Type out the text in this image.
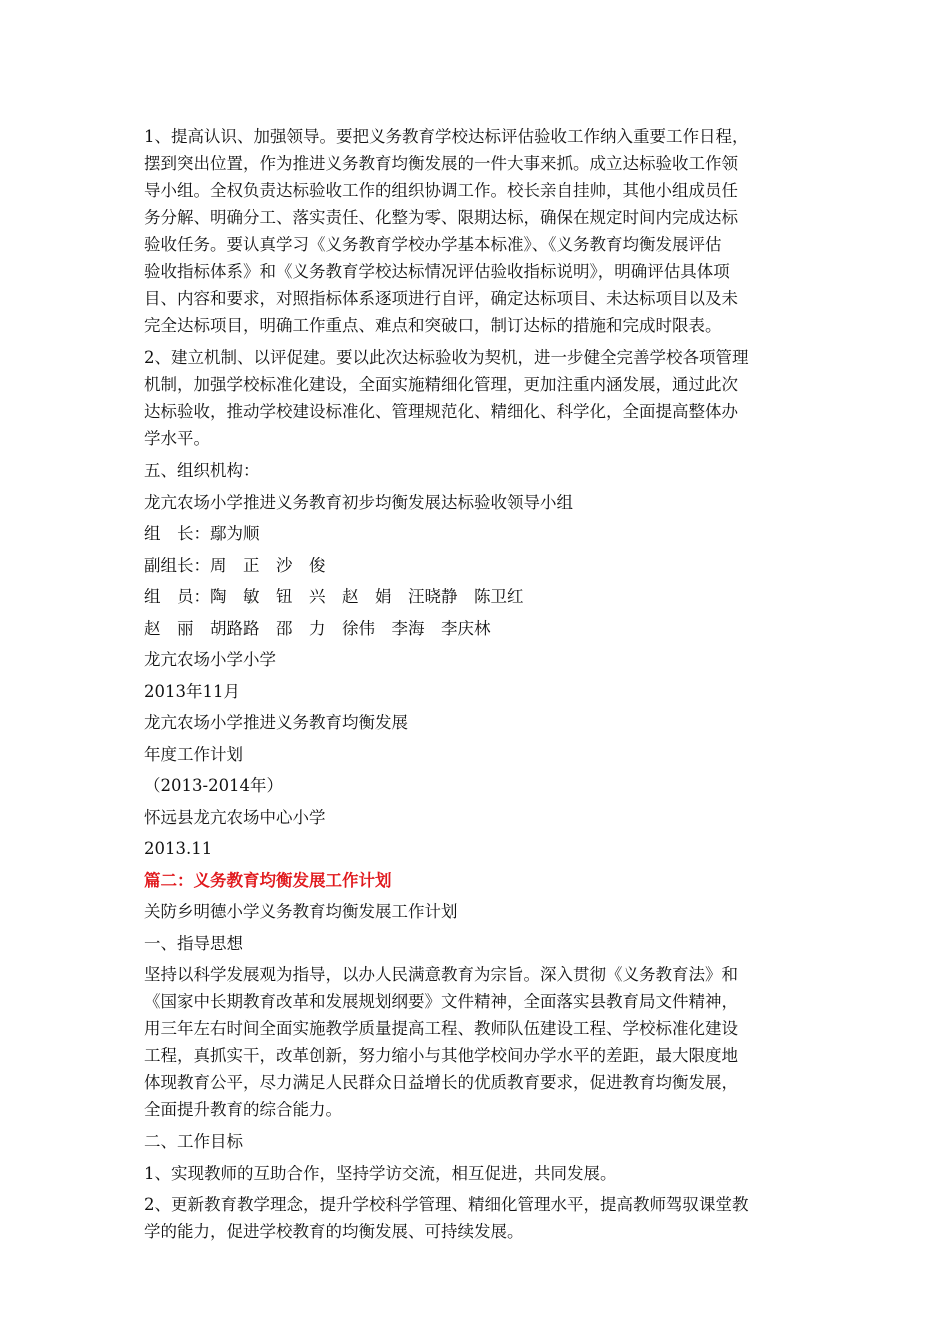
1、提高认识、加强领导。要把义务教育学校达标评估验收工作纳入重要工作日程，
摆到突出位置，作为推进义务教育均衡发展的一件大事来抓。成立达标验收工作领
导小组。全权负责达标验收工作的组织协调工作。校长亲自挂帅，其他小组成员任
务分解、明确分工、落实责任、化整为零、限期达标，确保在规定时间内完成达标
验收任务。要认真学习《义务教育学校办学基本标准》、《义务教育均衡发展评估
验收指标体系》和《义务教育学校达标情况评估验收指标说明》，明确评估具体项
目、内容和要求，对照指标体系逐项进行自评，确定达标项目、未达标项目以及未
完全达标项目，明确工作重点、难点和突破口，制订达标的措施和完成时限表。
2、建立机制、以评促建。要以此次达标验收为契机，进一步健全完善学校各项管理
机制，加强学校标准化建设，全面实施精细化管理，更加注重内涵发展，通过此次
达标验收，推动学校建设标准化、管理规范化、精细化、科学化，全面提高整体办
学水平。
五、组织机构：
龙亢农场小学推进义务教育初步均衡发展达标验收领导小组
组　长：鄢为顺
副组长：周　正　沙　俊
组　员：陶　敏　钮　兴　赵　娟　汪晓静　陈卫红
赵　丽　胡路路　邵　力　徐伟　李海　李庆林
龙亢农场小学小学
2013年11月
龙亢农场小学推进义务教育均衡发展
年度工作计划
（2013-2014年）
怀远县龙亢农场中心小学
2013.11
篇二：义务教育均衡发展工作计划
关防乡明德小学义务教育均衡发展工作计划
一、指导思想
坚持以科学发展观为指导，以办人民满意教育为宗旨。深入贯彻《义务教育法》和
《国家中长期教育改革和发展规划纲要》文件精神，全面落实县教育局文件精神，
用三年左右时间全面实施教学质量提高工程、教师队伍建设工程、学校标准化建设
工程，真抓实干，改革创新，努力缩小与其他学校间办学水平的差距，最大限度地
体现教育公平，尽力满足人民群众日益增长的优质教育要求，促进教育均衡发展，
全面提升教育的综合能力。
二、工作目标
1、实现教师的互助合作，坚持学访交流，相互促进，共同发展。
2、更新教育教学理念，提升学校科学管理、精细化管理水平，提高教师驾驭课堂教
学的能力，促进学校教育的均衡发展、可持续发展。
